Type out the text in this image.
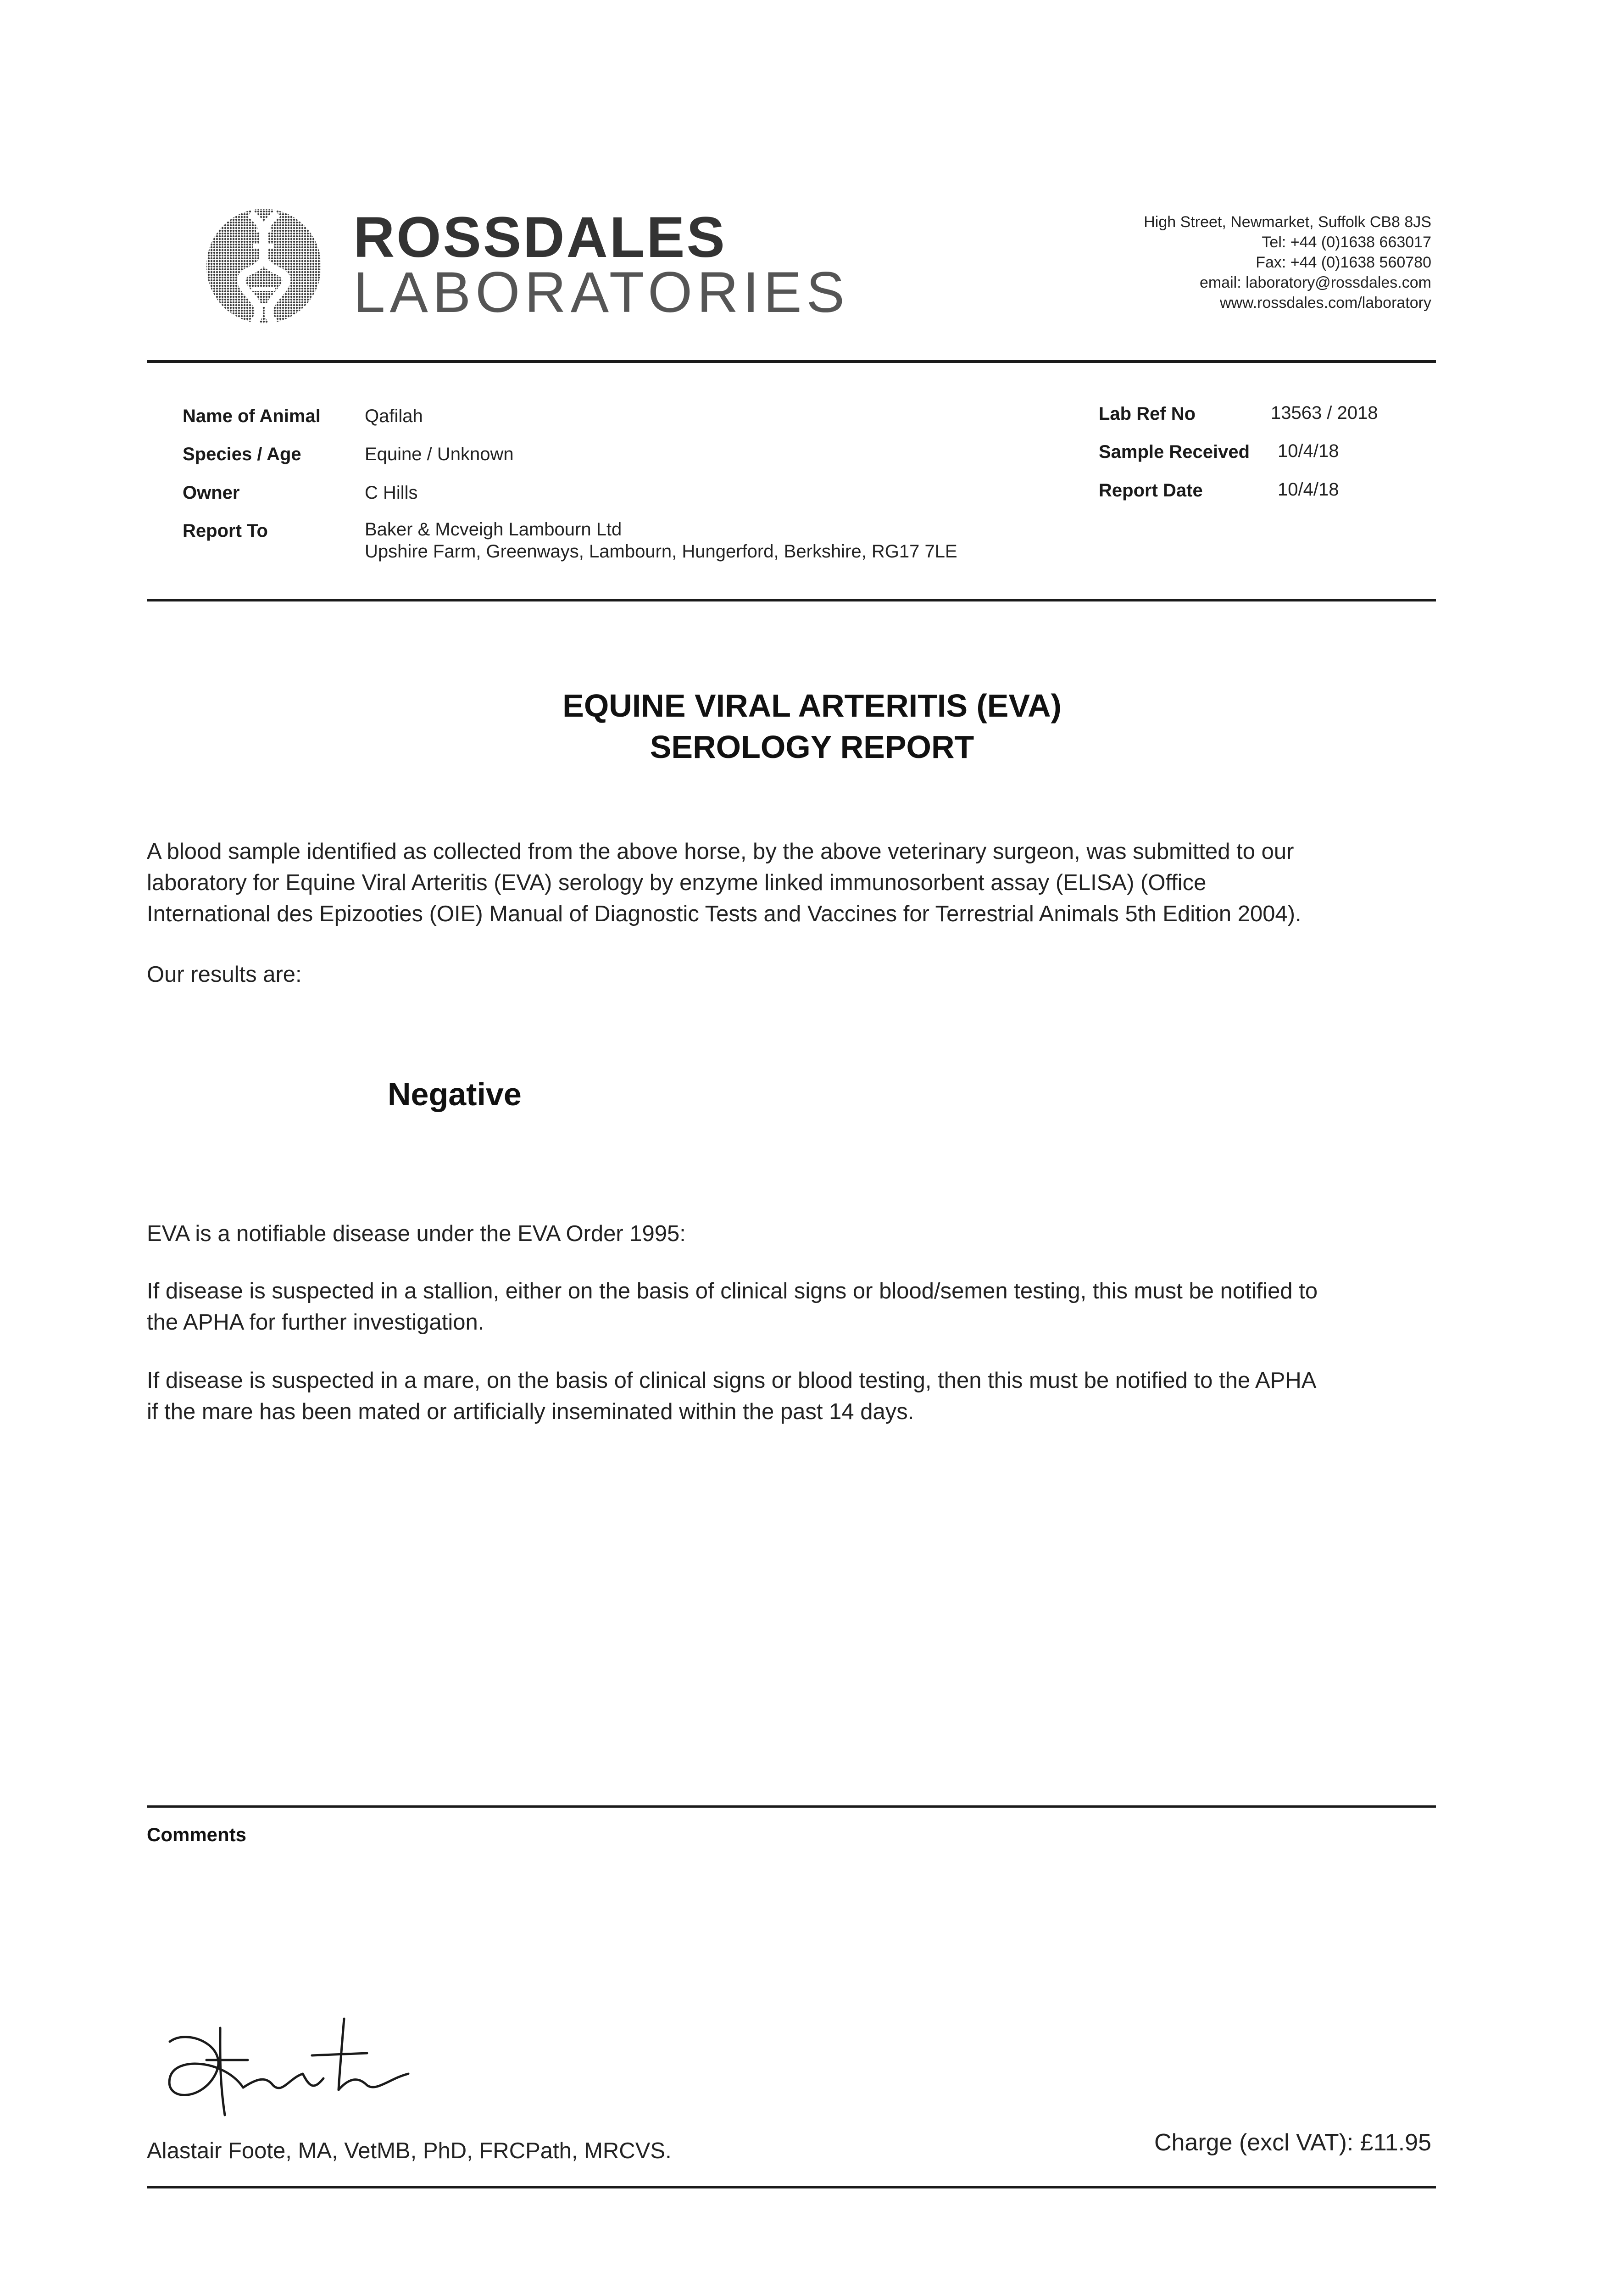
ROSSDALES
LABORATORIES
High Street, Newmarket, Suffolk CB8 8JS
Tel: +44 (0)1638 663017
Fax: +44 (0)1638 560780
email: laboratory@rossdales.com
www.rossdales.com/laboratory
Name of Animal Qafilah
Species / Age	Equine / Unknown
Owner	C Hills
Report To	Baker & Mcveigh Lambourn Ltd
Upshire Farm, Greenways, Lambourn, Hungerford, Berkshire, RG17 7LE
Lab Ref No	13563 / 2018
Sample Received 10/4/18
Report Date	10/4/18
EQUINE VIRAL ARTERITIS (EVA)
SEROLOGY REPORT
A blood sample identified as collected from the above horse, by the above veterinary surgeon, was submitted to our
laboratory for Equine Viral Arteritis (EVA) serology by enzyme linked immunosorbent assay (ELISA) (Office
International des Epizooties (OIE) Manual of Diagnostic Tests and Vaccines for Terrestrial Animals 5th Edition 2004).
Our results are:
Negative
EVA is a notifiable disease under the EVA Order 1995:
If disease is suspected in a stallion, either on the basis of clinical signs or blood/semen testing, this must be notified to
the APHA for further investigation.
If disease is suspected in a mare, on the basis of clinical signs or blood testing, then this must be notified to the APHA
if the mare has been mated or artificially inseminated within the past 14 days.
Comments
Alastair Foote, MA, VetMB, PhD, FRCPath, MRCVS.	Charge (excl VAT): £11.95
